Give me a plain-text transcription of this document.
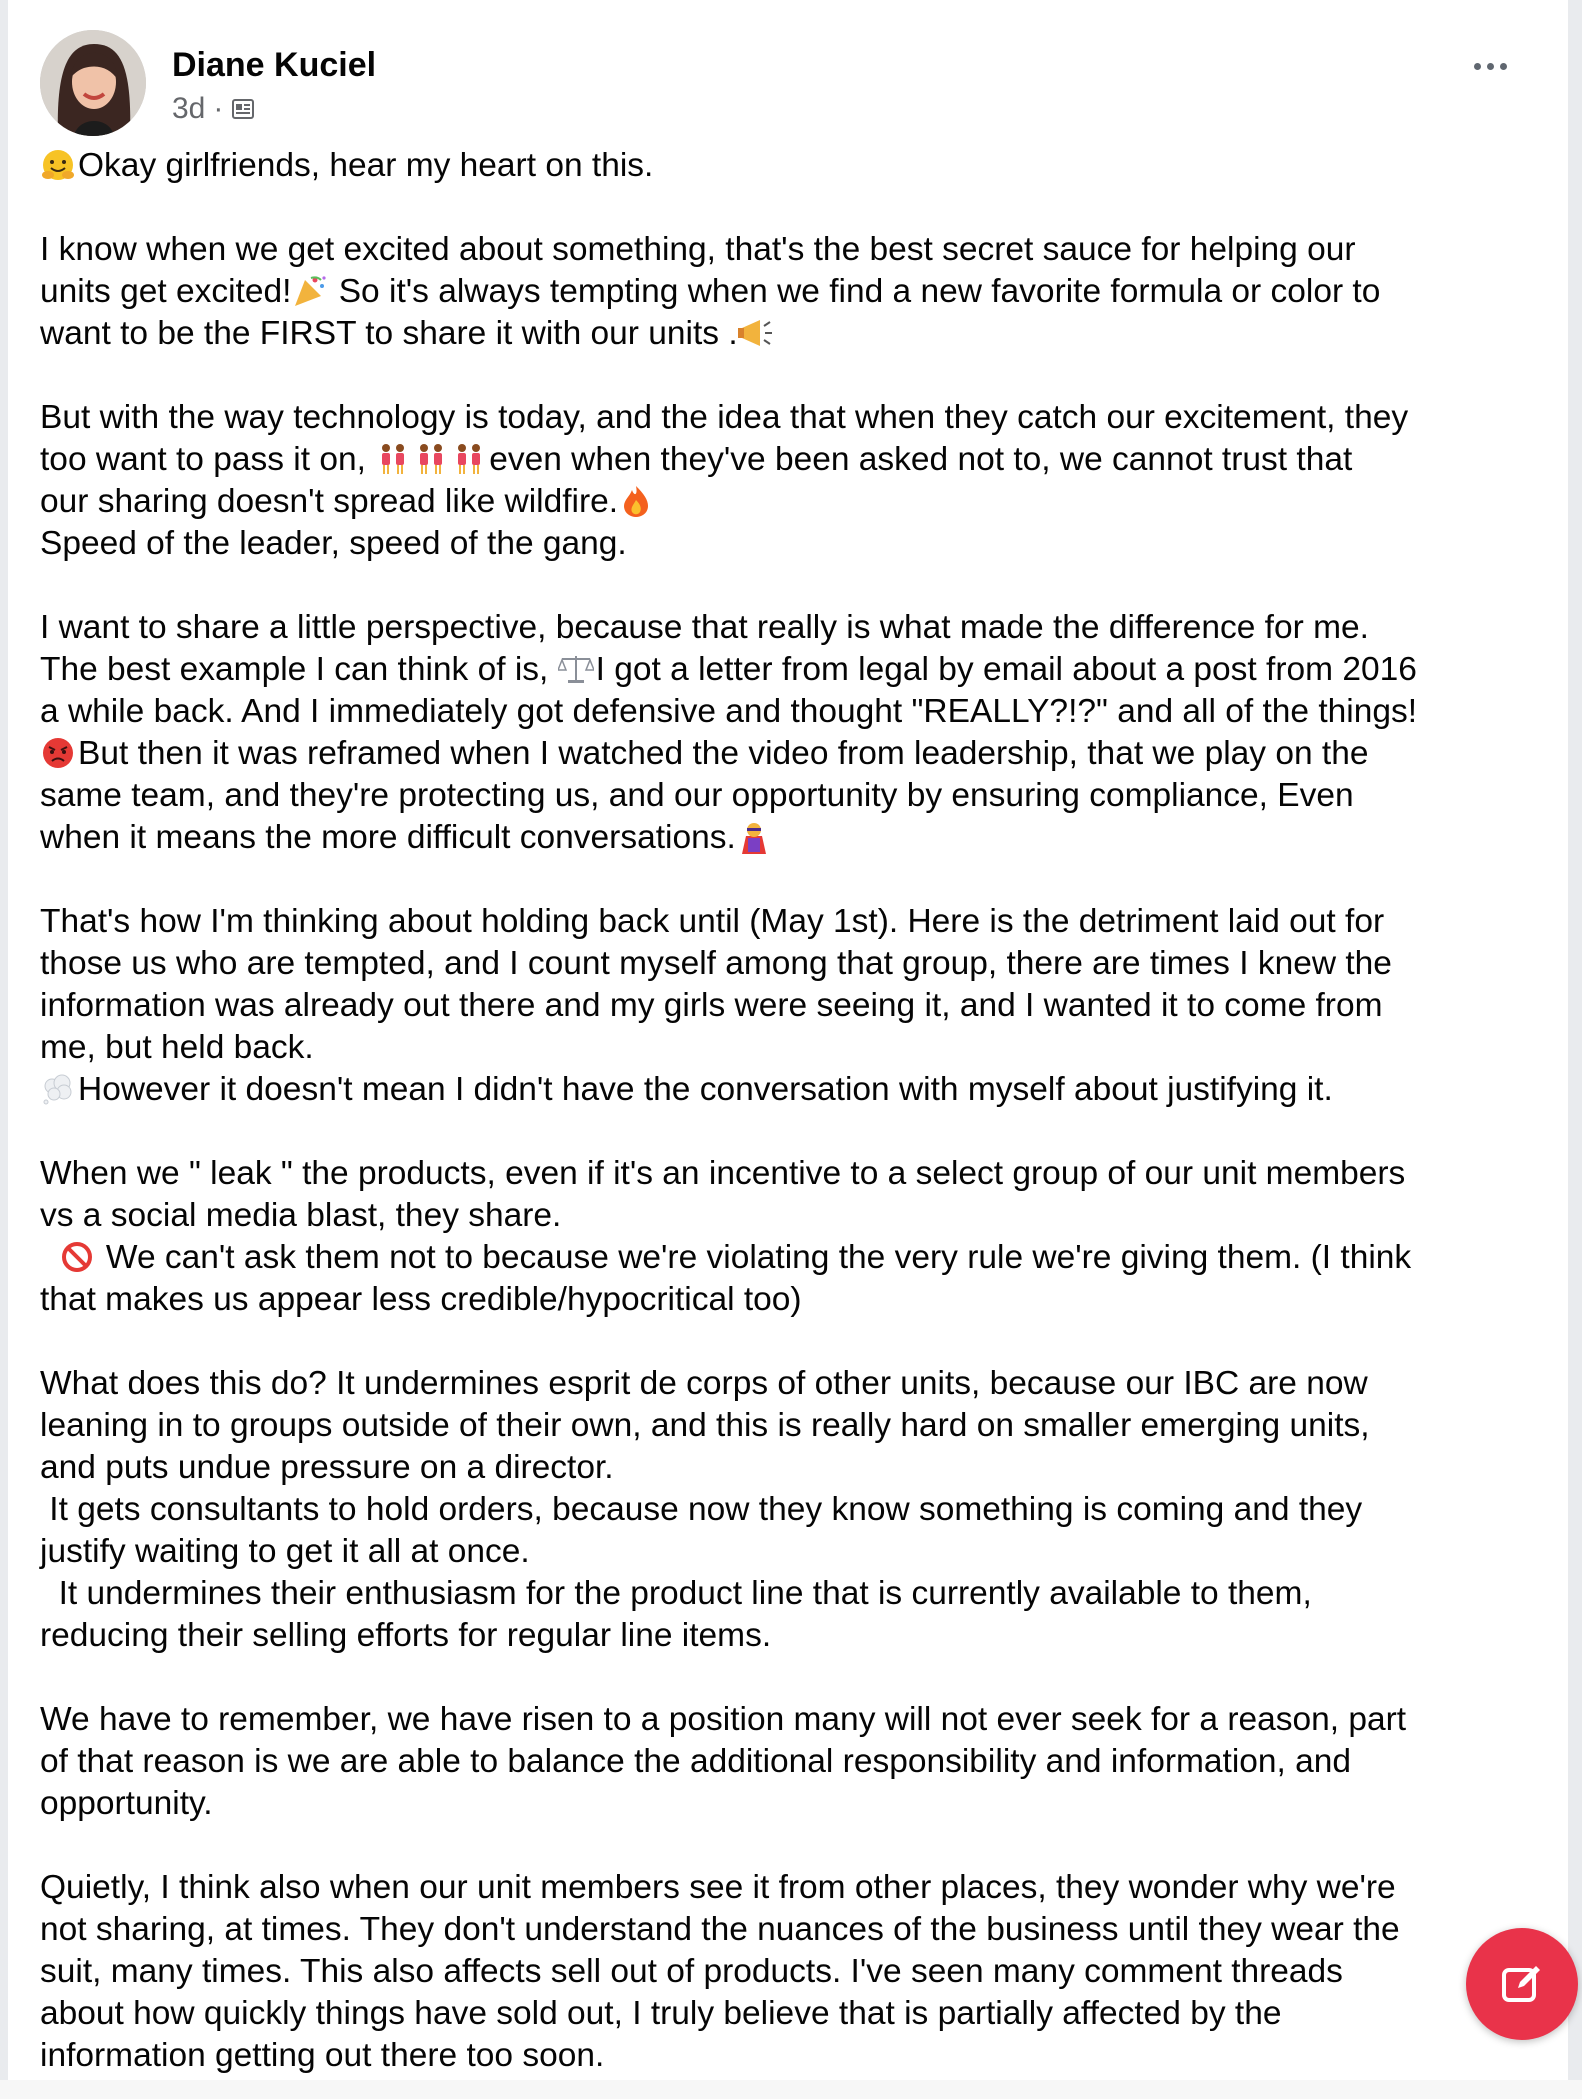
Diane Kuciel
3d ·
Okay girlfriends, hear my heart on this.
I know when we get excited about something, that's the best secret sauce for helping our
units get excited! So it's always tempting when we find a new favorite formula or color to
want to be the FIRST to share it with our units .
But with the way technology is today, and the idea that when they catch our excitement, they
too want to pass it on,	even when they've been asked not to, we cannot trust that
our sharing doesn't spread like wildfire.
Speed of the leader, speed of the gang.
I want to share a little perspective, because that really is what made the difference for me.
The best example I can think of is, I got a letter from legal by email about a post from 2016
a while back. And I immediately got defensive and thought "REALLY?!?" and all of the things!
But then it was reframed when I watched the video from leadership, that we play on the
same team, and they're protecting us, and our opportunity by ensuring compliance, Even
when it means the more difficult conversations.
That's how I'm thinking about holding back until (May 1st). Here is the detriment laid out for
those us who are tempted, and I count myself among that group, there are times I knew the
information was already out there and my girls were seeing it, and I wanted it to come from
me, but held back.
However it doesn't mean I didn't have the conversation with myself about justifying it.
When we " leak " the products, even if it's an incentive to a select group of our unit members
vs a social media blast, they share.
We can't ask them not to because we're violating the very rule we're giving them. (I think
that makes us appear less credible/hypocritical too)
What does this do? It undermines esprit de corps of other units, because our IBC are now
leaning in to groups outside of their own, and this is really hard on smaller emerging units,
and puts undue pressure on a director.
It gets consultants to hold orders, because now they know something is coming and they
justify waiting to get it all at once.
It undermines their enthusiasm for the product line that is currently available to them,
reducing their selling efforts for regular line items.
We have to remember, we have risen to a position many will not ever seek for a reason, part
of that reason is we are able to balance the additional responsibility and information, and
opportunity.
Quietly, I think also when our unit members see it from other places, they wonder why we're
not sharing, at times. They don't understand the nuances of the business until they wear the
suit, many times. This also affects sell out of products. I've seen many comment threads
about how quickly things have sold out, I truly believe that is partially affected by the
information getting out there too soon.
